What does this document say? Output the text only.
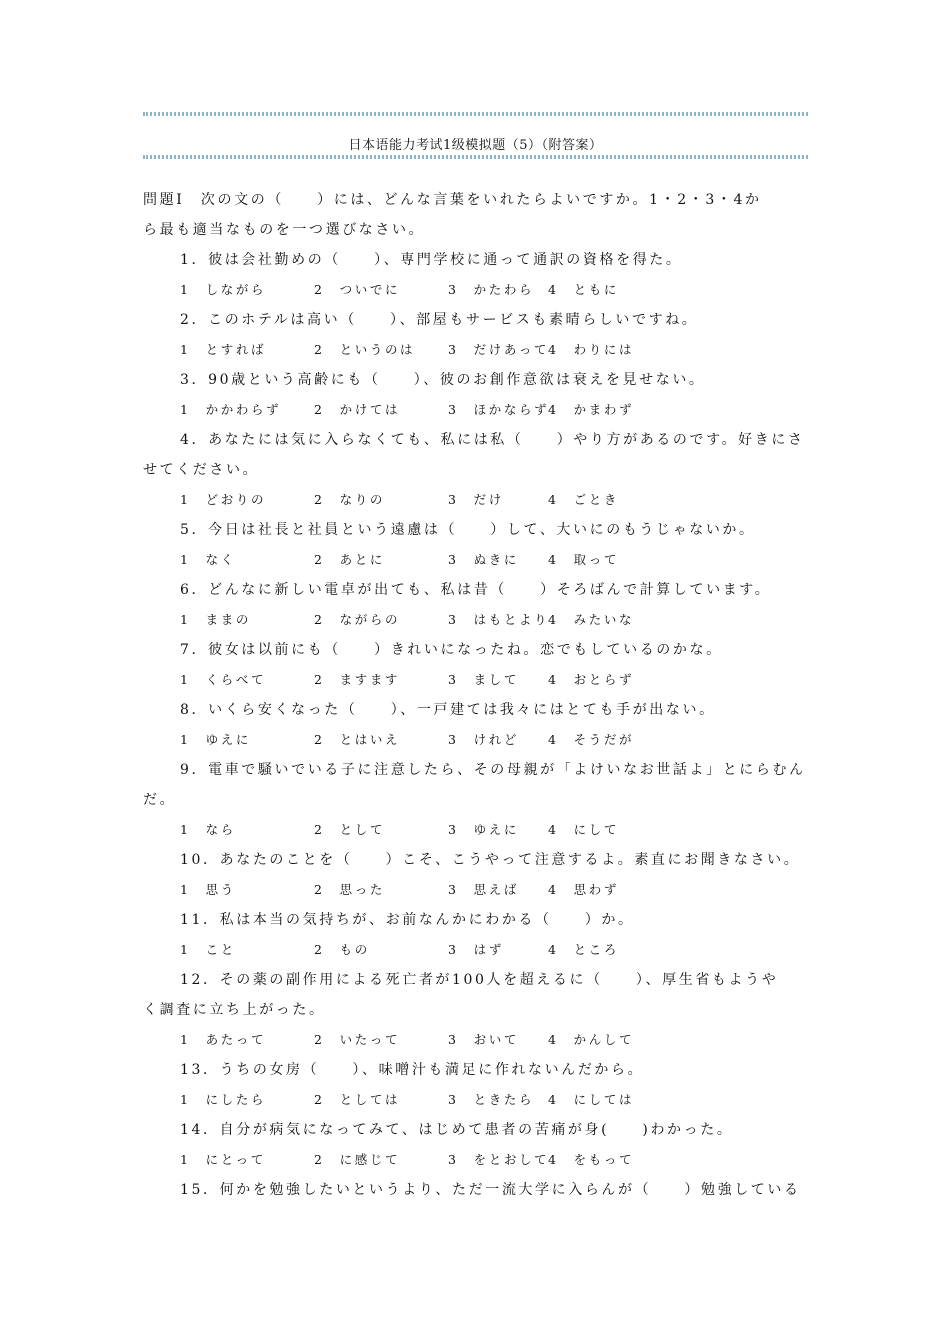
日本语能力考试1级模拟题（5）（附答案）
問題Ⅰ　次の文の（　　）には、どんな言葉をいれたらよいですか。1・2・3・4か
ら最も適当なものを一つ選びなさい。
1．彼は会社勤めの（　　）、専門学校に通って通訳の資格を得た。
1　しながら	2　ついでに	3　かたわら 4　ともに
2．このホテルは高い（　　）、部屋もサービスも素晴らしいですね。
1　とすれば	2　というのは	3　だけあって
4　わりには
3．90歳という高齢にも（　　）、彼のお創作意欲は衰えを見せない。
1　かかわらず	2　かけては	3　ほかならず
4　かまわず
4．あなたには気に入らなくても、私には私（　　）やり方があるのです。好きにさ
せてください。
1　どおりの	2　なりの	3　だけ	4　ごとき
5．今日は社長と社員という遠慮は（　　）して、大いにのもうじゃないか。
1　なく	2　あとに	3　ぬきに 4　取って
6．どんなに新しい電卓が出ても、私は昔（　　）そろばんで計算しています。
1　ままの	2　ながらの	3　はもとより
4　みたいな
7．彼女は以前にも（　　）きれいになったね。恋でもしているのかな。
1　くらべて	2　ますます	3　まして 4　おとらず
8．いくら安くなった（　　）、一戸建ては我々にはとても手が出ない。
1　ゆえに	2　とはいえ	3　けれど 4　そうだが
9．電車で騒いでいる子に注意したら、その母親が「よけいなお世話よ」とにらむん
だ。
1　なら	2　として	3　ゆえに 4　にして
10．あなたのことを（　　）こそ、こうやって注意するよ。素直にお聞きなさい。
1　思う	2　思った	3　思えば 4　思わず
11．私は本当の気持ちが、お前なんかにわかる（　　）か。
1　こと	2　もの	3　はず	4　ところ
12．その薬の副作用による死亡者が100人を超えるに（　　）、厚生省もようや
く調査に立ち上がった。
1　あたって	2　いたって	3　おいて 4　かんして
13．うちの女房（　　）、味噌汁も満足に作れないんだから。
1　にしたら	2　としては	3　ときたら 4　にしては
14．自分が病気になってみて、はじめて患者の苦痛が身(　　)わかった。
1　にとって	2　に感じて	3　をとおして
4　をもって
15．何かを勉強したいというより、ただ一流大学に入らんが（　　）勉強している
